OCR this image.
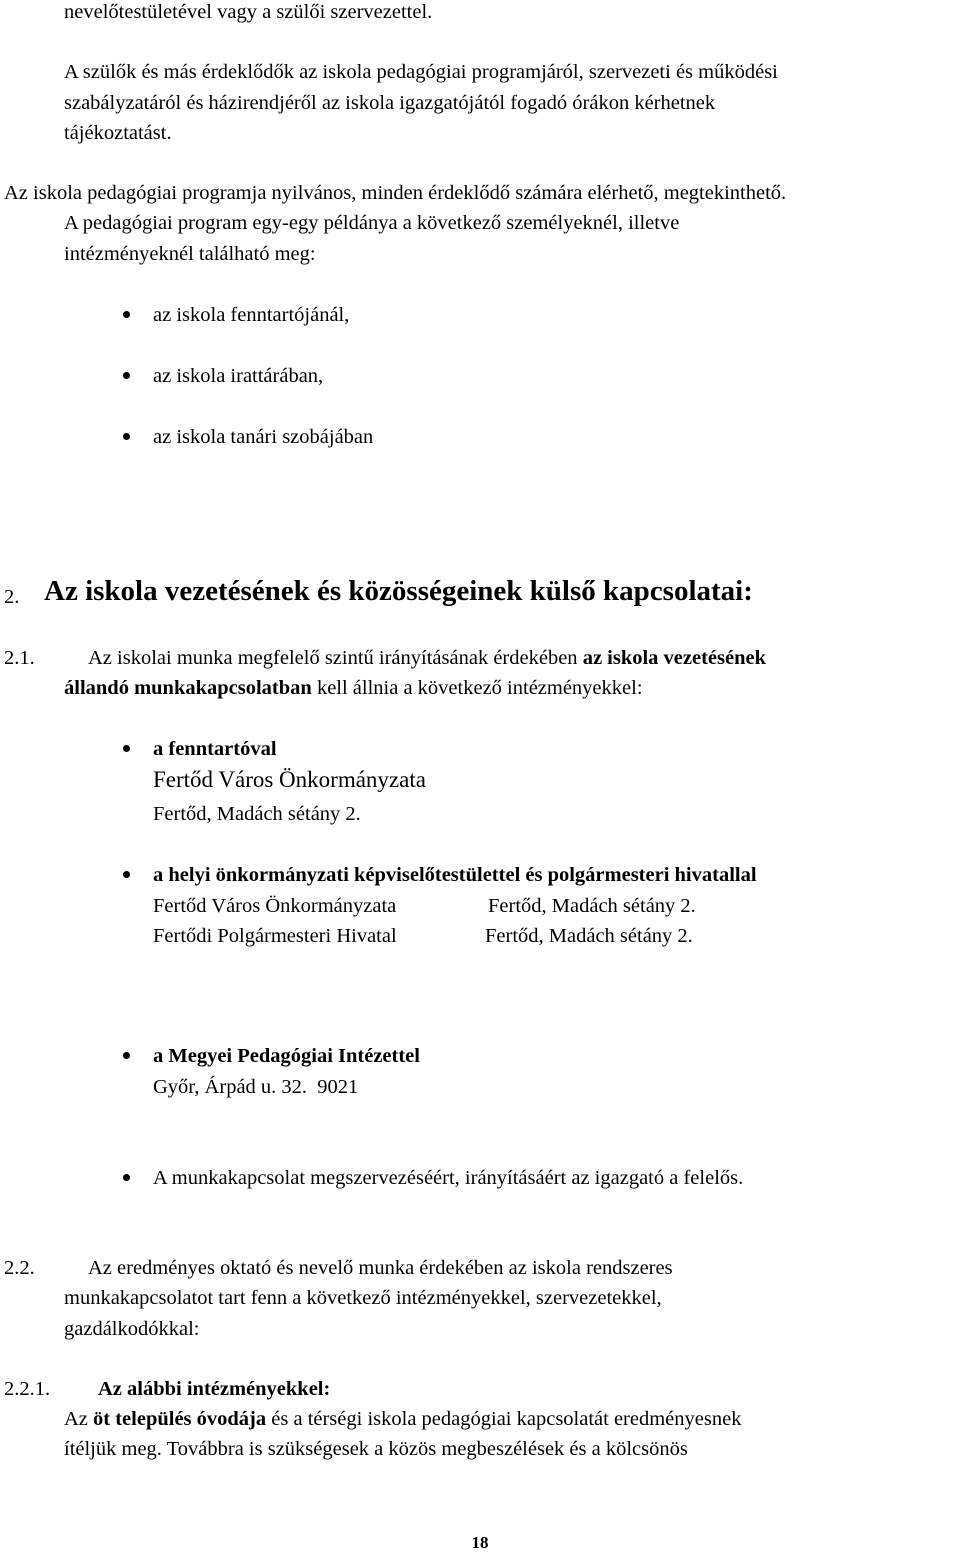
nevelőtestületével vagy a szülői szervezettel.
A szülők és más érdeklődők az iskola pedagógiai programjáról, szervezeti és működési
szabályzatáról és házirendjéről az iskola igazgatójától fogadó órákon kérhetnek
tájékoztatást.
Az iskola pedagógiai programja nyilvános, minden érdeklődő számára elérhető, megtekinthető.
A pedagógiai program egy-egy példánya a következő személyeknél, illetve
intézményeknél található meg:
az iskola fenntartójánál,
az iskola irattárában,
az iskola tanári szobájában
2. Az iskola vezetésének és közösségeinek külső kapcsolatai:
2.1.	Az iskolai munka megfelelő szintű irányításának érdekében az iskola vezetésének
állandó munkakapcsolatban kell állnia a következő intézményekkel:
a fenntartóval
Fertőd Város Önkormányzata
Fertőd, Madách sétány 2.
a helyi önkormányzati képviselőtestülettel és polgármesteri hivatallal
Fertőd Város Önkormányzata	Fertőd, Madách sétány 2.
Fertődi Polgármesteri Hivatal	Fertőd, Madách sétány 2.
a Megyei Pedagógiai Intézettel
Győr, Árpád u. 32.  9021
A munkakapcsolat megszervezéséért, irányításáért az igazgató a felelős.
2.2.	Az eredményes oktató és nevelő munka érdekében az iskola rendszeres
munkakapcsolatot tart fenn a következő intézményekkel, szervezetekkel,
gazdálkodókkal:
2.2.1. Az alábbi intézményekkel:
Az öt település óvodája és a térségi iskola pedagógiai kapcsolatát eredményesnek
ítéljük meg. Továbbra is szükségesek a közös megbeszélések és a kölcsönös
18
